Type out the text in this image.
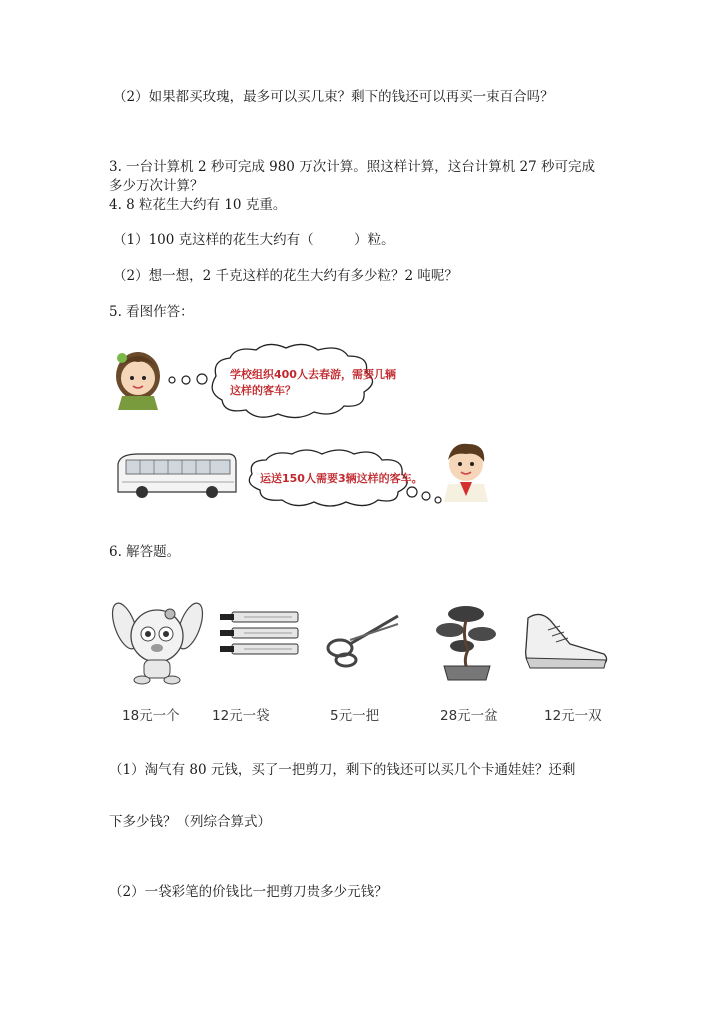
（2）如果都买玫瑰，最多可以买几束？剩下的钱还可以再买一束百合吗？
3. 一台计算机 2 秒可完成 980 万次计算。照这样计算，这台计算机 27 秒可完成
多少万次计算？
4. 8 粒花生大约有 10 克重。
（1）100 克这样的花生大约有（　　　）粒。
（2）想一想，2 千克这样的花生大约有多少粒？2 吨呢？
5. 看图作答：
学校组织400人去春游，需要几辆
这样的客车？
运送150人需要3辆这样的客车。
6. 解答题。
18元一个 12元一袋	5元一把	28元一盆	12元一双
（1）淘气有 80 元钱，买了一把剪刀，剩下的钱还可以买几个卡通娃娃？还剩
下多少钱？（列综合算式）
（2）一袋彩笔的价钱比一把剪刀贵多少元钱？
